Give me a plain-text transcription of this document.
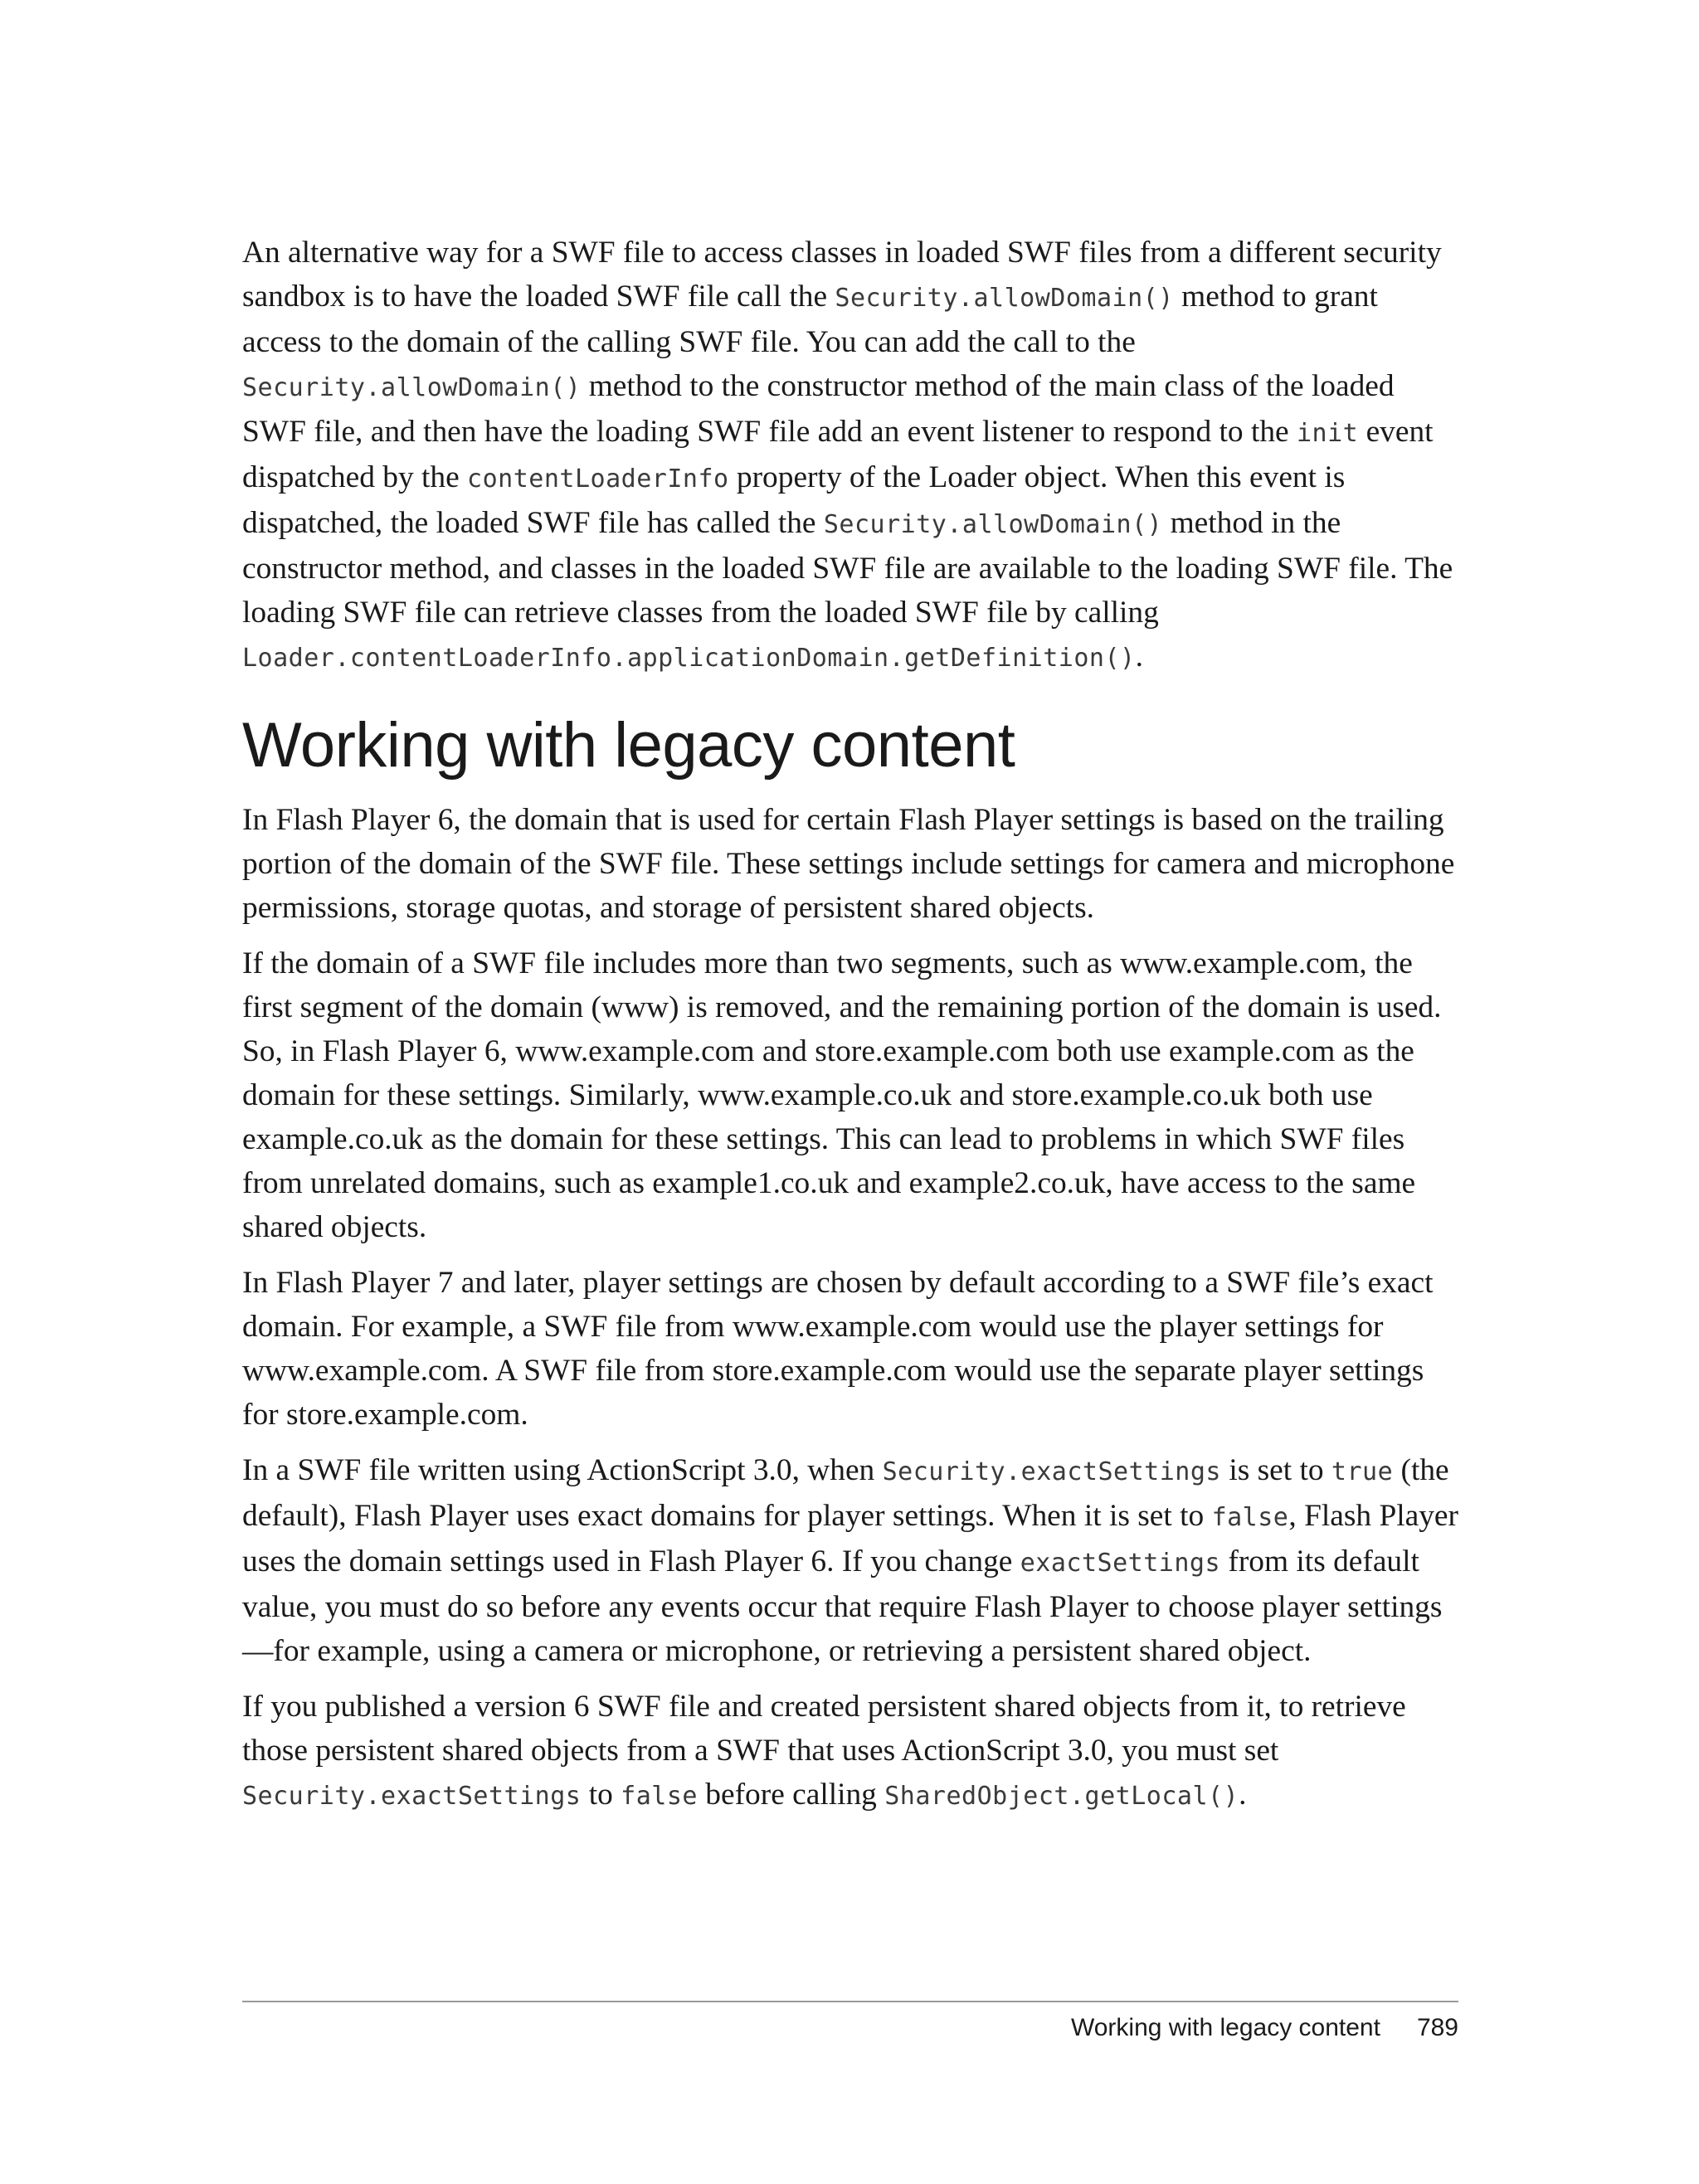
An alternative way for a SWF file to access classes in loaded SWF files from a different security sandbox is to have the loaded SWF file call the Security.allowDomain() method to grant access to the domain of the calling SWF file. You can add the call to the Security.allowDomain() method to the constructor method of the main class of the loaded SWF file, and then have the loading SWF file add an event listener to respond to the init event dispatched by the contentLoaderInfo property of the Loader object. When this event is dispatched, the loaded SWF file has called the Security.allowDomain() method in the constructor method, and classes in the loaded SWF file are available to the loading SWF file. The loading SWF file can retrieve classes from the loaded SWF file by calling Loader.contentLoaderInfo.applicationDomain.getDefinition().

Working with legacy content

In Flash Player 6, the domain that is used for certain Flash Player settings is based on the trailing portion of the domain of the SWF file. These settings include settings for camera and microphone permissions, storage quotas, and storage of persistent shared objects.

If the domain of a SWF file includes more than two segments, such as www.example.com, the first segment of the domain (www) is removed, and the remaining portion of the domain is used. So, in Flash Player 6, www.example.com and store.example.com both use example.com as the domain for these settings. Similarly, www.example.co.uk and store.example.co.uk both use example.co.uk as the domain for these settings. This can lead to problems in which SWF files from unrelated domains, such as example1.co.uk and example2.co.uk, have access to the same shared objects.

In Flash Player 7 and later, player settings are chosen by default according to a SWF file’s exact domain. For example, a SWF file from www.example.com would use the player settings for www.example.com. A SWF file from store.example.com would use the separate player settings for store.example.com.

In a SWF file written using ActionScript 3.0, when Security.exactSettings is set to true (the default), Flash Player uses exact domains for player settings. When it is set to false, Flash Player uses the domain settings used in Flash Player 6. If you change exactSettings from its default value, you must do so before any events occur that require Flash Player to choose player settings—for example, using a camera or microphone, or retrieving a persistent shared object.

If you published a version 6 SWF file and created persistent shared objects from it, to retrieve those persistent shared objects from a SWF that uses ActionScript 3.0, you must set Security.exactSettings to false before calling SharedObject.getLocal().

Working with legacy content 789
